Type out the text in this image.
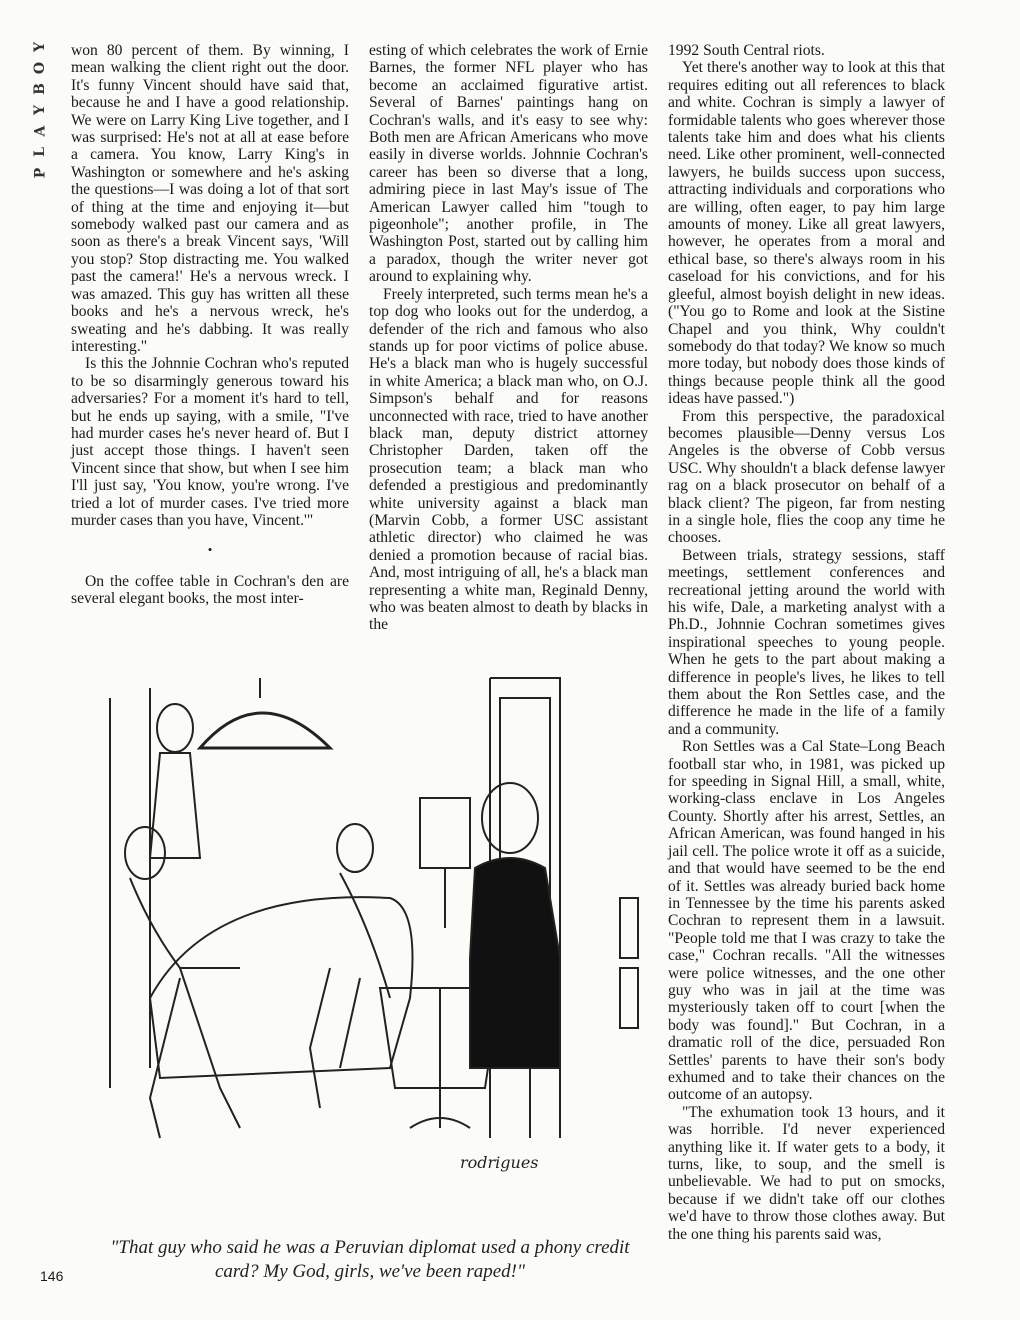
Y
O
B
Y
A
L
P

won 80 percent of them. By winning, I mean walking the client right out the door. It's funny Vincent should have said that, because he and I have a good relationship. We were on Larry King Live together, and I was surprised: He's not at all at ease before a camera. You know, Larry King's in Washington or somewhere and he's asking the questions—I was doing a lot of that sort of thing at the time and enjoying it—but somebody walked past our camera and as soon as there's a break Vincent says, 'Will you stop? Stop distracting me. You walked past the camera!' He's a nervous wreck. I was amazed. This guy has written all these books and he's a nervous wreck, he's sweating and he's dabbing. It was really interesting."

Is this the Johnnie Cochran who's reputed to be so disarmingly generous toward his adversaries? For a moment it's hard to tell, but he ends up saying, with a smile, "I've had murder cases he's never heard of. But I just accept those things. I haven't seen Vincent since that show, but when I see him I'll just say, 'You know, you're wrong. I've tried a lot of murder cases. I've tried more murder cases than you have, Vincent.'"

•

On the coffee table in Cochran's den are several elegant books, the most inter-

esting of which celebrates the work of Ernie Barnes, the former NFL player who has become an acclaimed figurative artist. Several of Barnes' paintings hang on Cochran's walls, and it's easy to see why: Both men are African Americans who move easily in diverse worlds. Johnnie Cochran's career has been so diverse that a long, admiring piece in last May's issue of The American Lawyer called him "tough to pigeonhole"; another profile, in The Washington Post, started out by calling him a paradox, though the writer never got around to explaining why.

Freely interpreted, such terms mean he's a top dog who looks out for the underdog, a defender of the rich and famous who also stands up for poor victims of police abuse. He's a black man who is hugely successful in white America; a black man who, on O.J. Simpson's behalf and for reasons unconnected with race, tried to have another black man, deputy district attorney Christopher Darden, taken off the prosecution team; a black man who defended a prestigious and predominantly white university against a black man (Marvin Cobb, a former USC assistant athletic director) who claimed he was denied a promotion because of racial bias. And, most intriguing of all, he's a black man representing a white man, Reginald Denny, who was beaten almost to death by blacks in the

1992 South Central riots.

Yet there's another way to look at this that requires editing out all references to black and white. Cochran is simply a lawyer of formidable talents who goes wherever those talents take him and does what his clients need. Like other prominent, well-connected lawyers, he builds success upon success, attracting individuals and corporations who are willing, often eager, to pay him large amounts of money. Like all great lawyers, however, he operates from a moral and ethical base, so there's always room in his caseload for his convictions, and for his gleeful, almost boyish delight in new ideas. ("You go to Rome and look at the Sistine Chapel and you think, Why couldn't somebody do that today? We know so much more today, but nobody does those kinds of things because people think all the good ideas have passed.")

From this perspective, the paradoxical becomes plausible—Denny versus Los Angeles is the obverse of Cobb versus USC. Why shouldn't a black defense lawyer rag on a black prosecutor on behalf of a black client? The pigeon, far from nesting in a single hole, flies the coop any time he chooses.

Between trials, strategy sessions, staff meetings, settlement conferences and recreational jetting around the world with his wife, Dale, a marketing analyst with a Ph.D., Johnnie Cochran sometimes gives inspirational speeches to young people. When he gets to the part about making a difference in people's lives, he likes to tell them about the Ron Settles case, and the difference he made in the life of a family and a community.

Ron Settles was a Cal State–Long Beach football star who, in 1981, was picked up for speeding in Signal Hill, a small, white, working-class enclave in Los Angeles County. Shortly after his arrest, Settles, an African American, was found hanged in his jail cell. The police wrote it off as a suicide, and that would have seemed to be the end of it. Settles was already buried back home in Tennessee by the time his parents asked Cochran to represent them in a lawsuit. "People told me that I was crazy to take the case," Cochran recalls. "All the witnesses were police witnesses, and the one other guy who was in jail at the time was mysteriously taken off to court [when the body was found]." But Cochran, in a dramatic roll of the dice, persuaded Ron Settles' parents to have their son's body exhumed and to take their chances on the outcome of an autopsy.

"The exhumation took 13 hours, and it was horrible. I'd never experienced anything like it. If water gets to a body, it turns, like, to soup, and the smell is unbelievable. We had to put on smocks, because if we didn't take off our clothes we'd have to throw those clothes away. But the one thing his parents said was,

rodrigues
"That guy who said he was a Peruvian diplomat used a phony credit card? My God, girls, we've been raped!"
146
